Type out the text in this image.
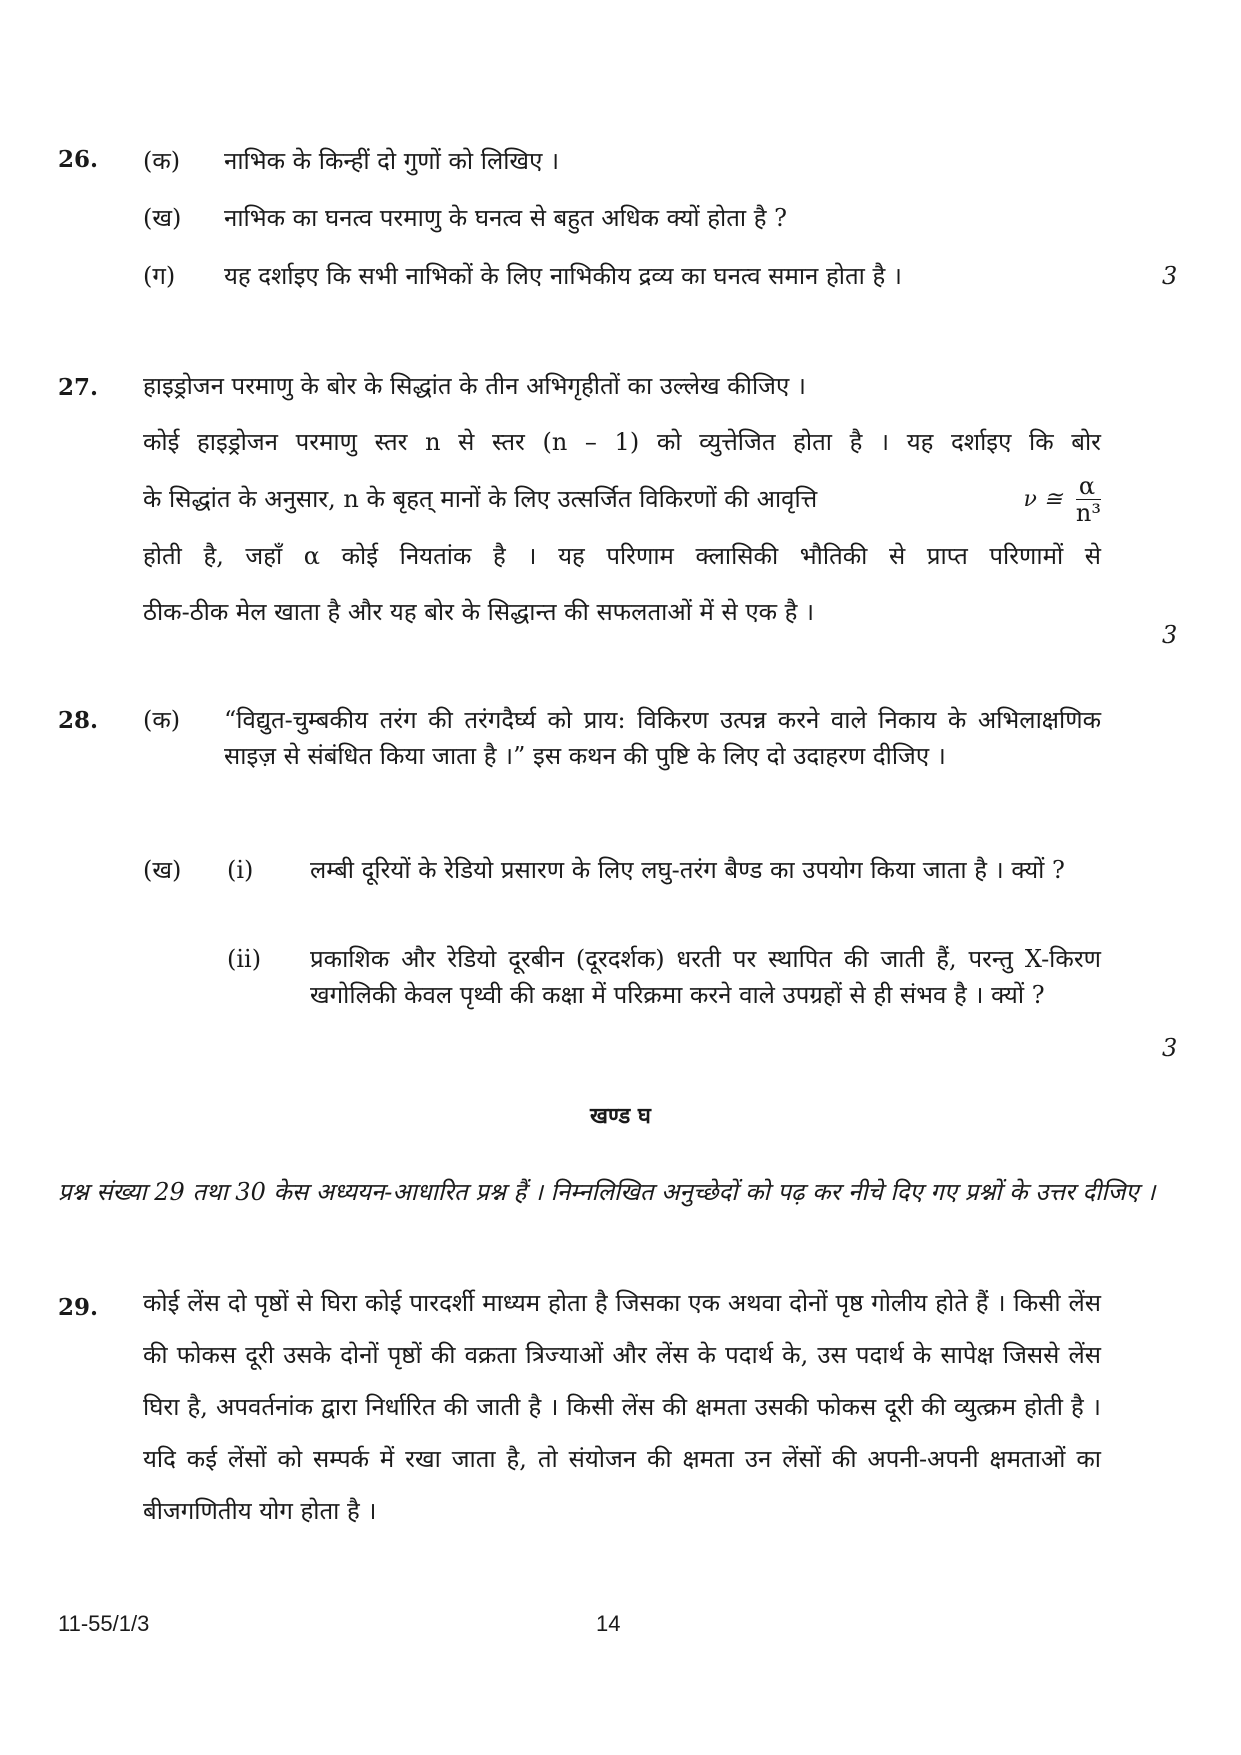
26. (क) नाभिक के किन्हीं दो गुणों को लिखिए ।
(ख) नाभिक का घनत्व परमाणु के घनत्व से बहुत अधिक क्यों होता है ?
(ग) यह दर्शाइए कि सभी नाभिकों के लिए नाभिकीय द्रव्य का घनत्व समान होता है ।	3
27. हाइड्रोजन परमाणु के बोर के सिद्धांत के तीन अभिगृहीतों का उल्लेख कीजिए ।
कोई हाइड्रोजन परमाणु स्तर n से स्तर (n – 1) को व्युत्तेजित होता है । यह दर्शाइए कि बोर
के सिद्धांत के अनुसार, n के बृहत् मानों के लिए उत्सर्जित विकिरणों की आवृत्ति	ν ≅ $\frac{\alpha}{\text{n³}}$
होती है, जहाँ α कोई नियतांक है । यह परिणाम क्लासिकी भौतिकी से प्राप्त परिणामों से
ठीक-ठीक मेल खाता है और यह बोर के सिद्धान्त की सफलताओं में से एक है ।
3
28. (क) “विद्युत-चुम्बकीय तरंग की तरंगदैर्घ्य को प्राय: विकिरण उत्पन्न करने वाले निकाय के अभिलाक्षणिक साइज़ से संबंधित किया जाता है ।” इस कथन की पुष्टि के लिए दो उदाहरण दीजिए ।
(ख) (i) लम्बी दूरियों के रेडियो प्रसारण के लिए लघु-तरंग बैण्ड का उपयोग किया जाता है । क्यों ?
(ii) प्रकाशिक और रेडियो दूरबीन (दूरदर्शक) धरती पर स्थापित की जाती हैं, परन्तु X-किरण खगोलिकी केवल पृथ्वी की कक्षा में परिक्रमा करने वाले उपग्रहों से ही संभव है । क्यों ?
3
खण्ड घ
प्रश्न संख्या 29 तथा 30 केस अध्ययन-आधारित प्रश्न हैं । निम्नलिखित अनुच्छेदों को पढ़ कर नीचे दिए गए प्रश्नों के उत्तर दीजिए ।
29. कोई लेंस दो पृष्ठों से घिरा कोई पारदर्शी माध्यम होता है जिसका एक अथवा दोनों पृष्ठ गोलीय होते हैं । किसी लेंस की फोकस दूरी उसके दोनों पृष्ठों की वक्रता त्रिज्याओं और लेंस के पदार्थ के, उस पदार्थ के सापेक्ष जिससे लेंस घिरा है, अपवर्तनांक द्वारा निर्धारित की जाती है । किसी लेंस की क्षमता उसकी फोकस दूरी की व्युत्क्रम होती है । यदि कई लेंसों को सम्पर्क में रखा जाता है, तो संयोजन की क्षमता उन लेंसों की अपनी-अपनी क्षमताओं का बीजगणितीय योग होता है ।
11-55/1/3	14
